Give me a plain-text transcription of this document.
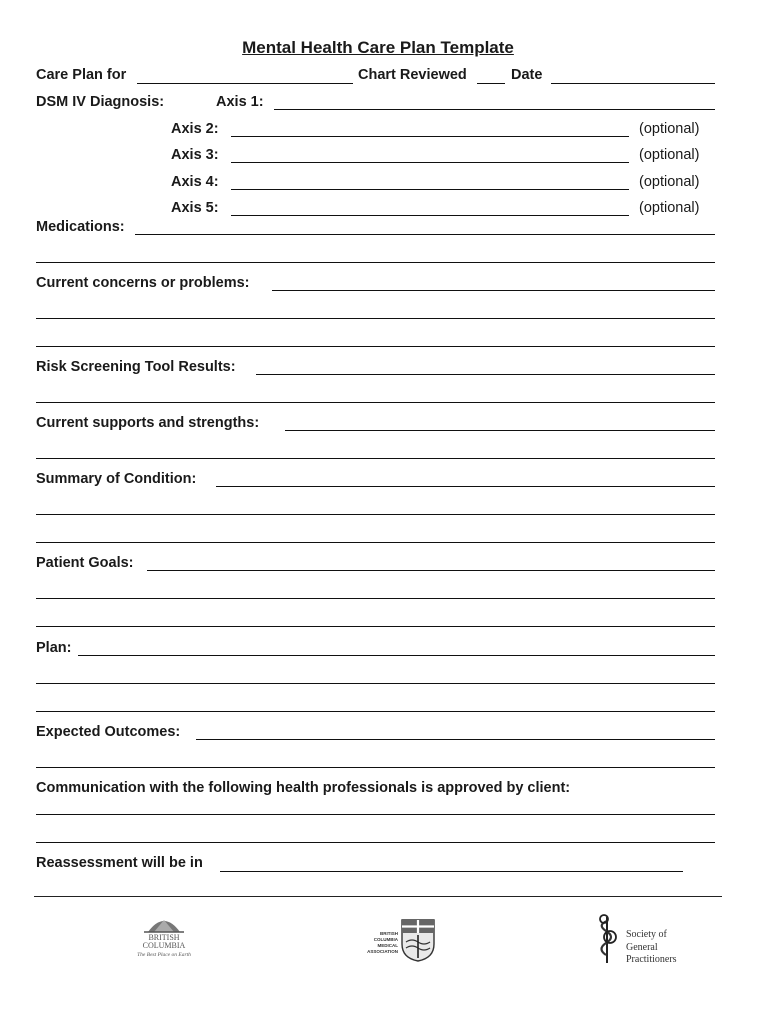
Mental Health Care Plan Template
Care Plan for	Chart Reviewed	Date
DSM IV Diagnosis:	Axis 1:
Axis 2:	(optional)
Axis 3:	(optional)
Axis 4:	(optional)
Axis 5:	(optional)
Medications:
Current concerns or problems:
Risk Screening Tool Results:
Current supports and strengths:
Summary of Condition:
Patient Goals:
Plan:
Expected Outcomes:
Communication with the following health professionals is approved by client:
Reassessment will be in
BRITISH
COLUMBIA
The Best Place on Earth
BRITISH
COLUMBIA
MEDICAL
ASSOCIATION
Society of
General
Practitioners
